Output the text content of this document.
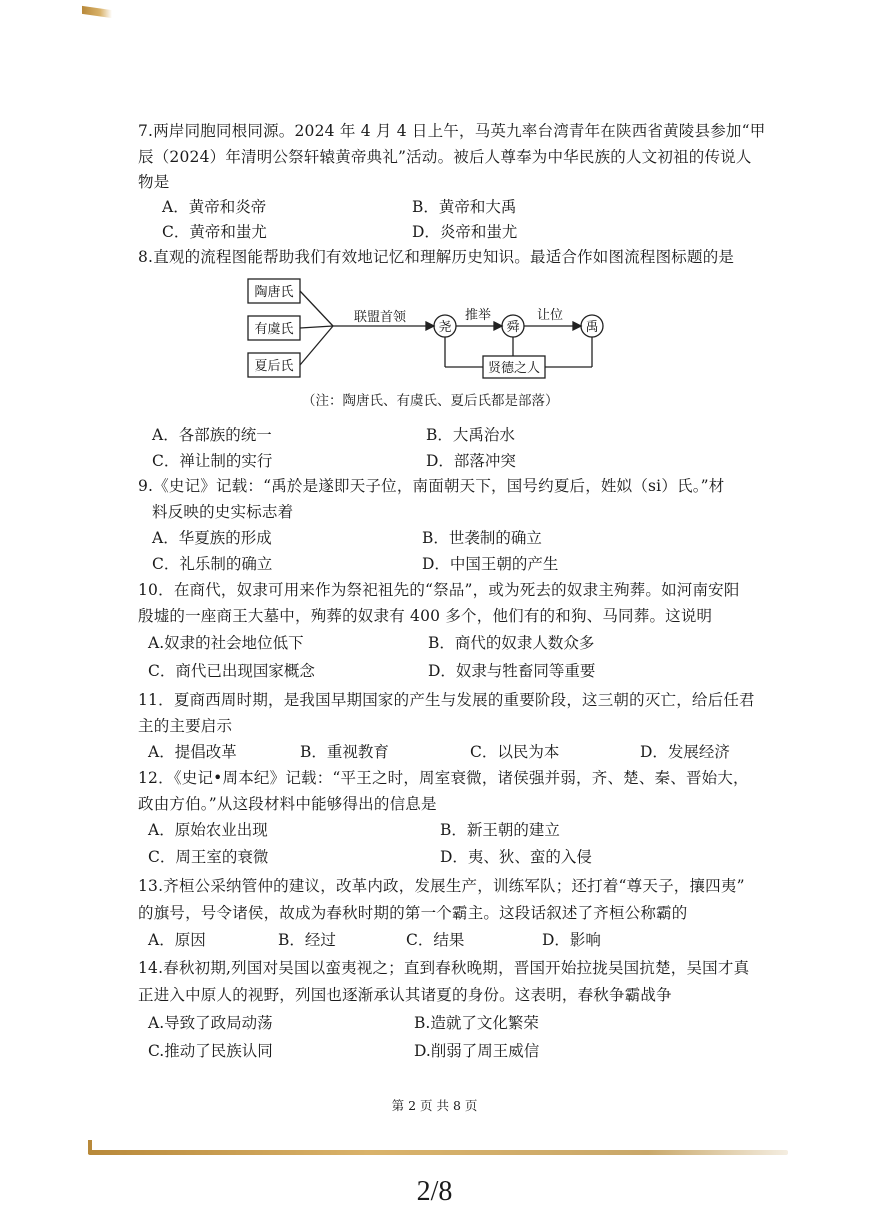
7.两岸同胞同根同源。2024 年 4 月 4 日上午，马英九率台湾青年在陕西省黄陵县参加“甲
辰（2024）年清明公祭轩辕黄帝典礼”活动。被后人尊奉为中华民族的人文初祖的传说人
物是
A．黄帝和炎帝	B．黄帝和大禹
C．黄帝和蚩尤	D．炎帝和蚩尤
8.直观的流程图能帮助我们有效地记忆和理解历史知识。最适合作如图流程图标题的是
陶唐氏
有虞氏
夏后氏
联盟首领
尧	舜	禹
推举	让位
贤德之人
（注：陶唐氏、有虞氏、夏后氏都是部落）
A．各部族的统一	B．大禹治水
C．禅让制的实行	D．部落冲突
9.《史记》记载：“禹於是遂即天子位，南面朝天下，国号约夏后，姓姒（si）氏。”材
料反映的史实标志着
A．华夏族的形成	B．世袭制的确立
C．礼乐制的确立	D．中国王朝的产生
10．在商代，奴隶可用来作为祭祀祖先的“祭品”，或为死去的奴隶主殉葬。如河南安阳
殷墟的一座商王大墓中，殉葬的奴隶有 400 多个，他们有的和狗、马同葬。这说明
A.奴隶的社会地位低下	B．商代的奴隶人数众多
C．商代已出现国家概念	D．奴隶与牲畜同等重要
11．夏商西周时期，是我国早期国家的产生与发展的重要阶段，这三朝的灭亡，给后任君
主的主要启示
A．提倡改革	B．重视教育	C．以民为本	D．发展经济
12．《史记•周本纪》记载：“平王之时，周室衰微，诸侯强并弱，齐、楚、秦、晋始大，
政由方伯。”从这段材料中能够得出的信息是
A．原始农业出现	B．新王朝的建立
C．周王室的衰微	D．夷、狄、蛮的入侵
13.齐桓公采纳管仲的建议，改革内政，发展生产，训练军队；还打着“尊天子，攘四夷”
的旗号，号令诸侯，故成为春秋时期的第一个霸主。这段话叙述了齐桓公称霸的
A．原因	B．经过	C．结果	D．影响
14.春秋初期,列国对吴国以蛮夷视之；直到春秋晚期，晋国开始拉拢吴国抗楚，吴国才真
正进入中原人的视野，列国也逐渐承认其诸夏的身份。这表明，春秋争霸战争
A.导致了政局动荡	B.造就了文化繁荣
C.推动了民族认同	D.削弱了周王威信
第 2 页 共 8 页
2/8
